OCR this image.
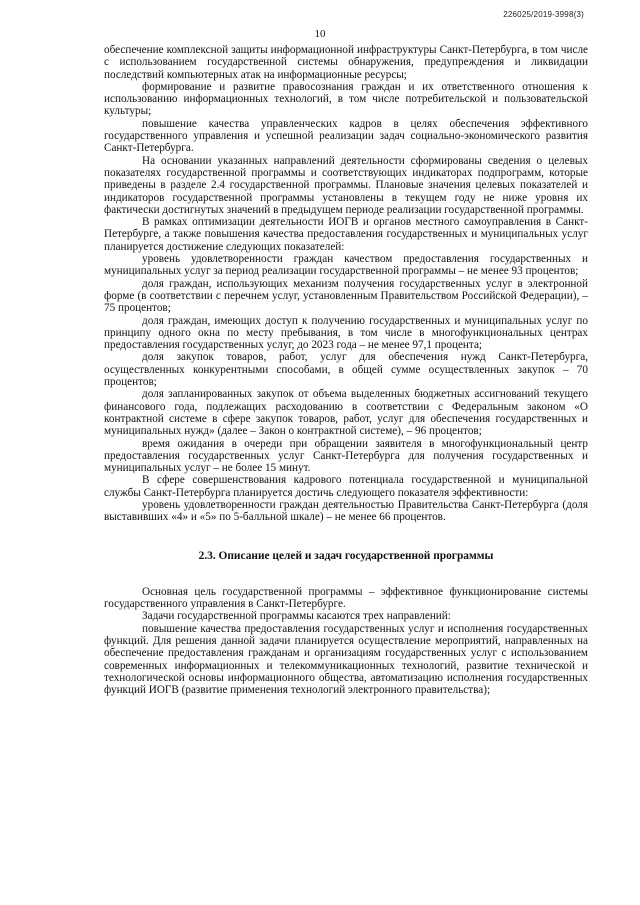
226025/2019-3998(3)
10

обеспечение комплексной защиты информационной инфраструктуры Санкт-Петербурга, в том числе с использованием государственной системы обнаружения, предупреждения и ликвидации последствий компьютерных атак на информационные ресурсы;

формирование и развитие правосознания граждан и их ответственного отношения к использованию информационных технологий, в том числе потребительской и пользовательской культуры;

повышение качества управленческих кадров в целях обеспечения эффективного государственного управления и успешной реализации задач социально-экономического развития Санкт-Петербурга.

На основании указанных направлений деятельности сформированы сведения о целевых показателях государственной программы и соответствующих индикаторах подпрограмм, которые приведены в разделе 2.4 государственной программы. Плановые значения целевых показателей и индикаторов государственной программы установлены в текущем году не ниже уровня их фактически достигнутых значений в предыдущем периоде реализации государственной программы.

В рамках оптимизации деятельности ИОГВ и органов местного самоуправления в Санкт-Петербурге, а также повышения качества предоставления государственных и муниципальных услуг планируется достижение следующих показателей:

уровень удовлетворенности граждан качеством предоставления государственных и муниципальных услуг за период реализации государственной программы – не менее 93 процентов;

доля граждан, использующих механизм получения государственных услуг в электронной форме (в соответствии с перечнем услуг, установленным Правительством Российской Федерации), – 75 процентов;

доля граждан, имеющих доступ к получению государственных и муниципальных услуг по принципу одного окна по месту пребывания, в том числе в многофункциональных центрах предоставления государственных услуг, до 2023 года – не менее 97,1 процента;

доля закупок товаров, работ, услуг для обеспечения нужд Санкт-Петербурга, осуществленных конкурентными способами, в общей сумме осуществленных закупок – 70 процентов;

доля запланированных закупок от объема выделенных бюджетных ассигнований текущего финансового года, подлежащих расходованию в соответствии с Федеральным законом «О контрактной системе в сфере закупок товаров, работ, услуг для обеспечения государственных и муниципальных нужд» (далее – Закон о контрактной системе), – 96 процентов;

время ожидания в очереди при обращении заявителя в многофункциональный центр предоставления государственных услуг Санкт-Петербурга для получения государственных и муниципальных услуг – не более 15 минут.

В сфере совершенствования кадрового потенциала государственной и муниципальной службы Санкт-Петербурга планируется достичь следующего показателя эффективности:

уровень удовлетворенности граждан деятельностью Правительства Санкт-Петербурга (доля выставивших «4» и «5» по 5-балльной шкале) – не менее 66 процентов.

2.3. Описание целей и задач государственной программы

Основная цель государственной программы – эффективное функционирование системы государственного управления в Санкт-Петербурге.

Задачи государственной программы касаются трех направлений:

повышение качества предоставления государственных услуг и исполнения государственных функций. Для решения данной задачи планируется осуществление мероприятий, направленных на обеспечение предоставления гражданам и организациям государственных услуг с использованием современных информационных и телекоммуникационных технологий, развитие технической и технологической основы информационного общества, автоматизацию исполнения государственных функций ИОГВ (развитие применения технологий электронного правительства);
